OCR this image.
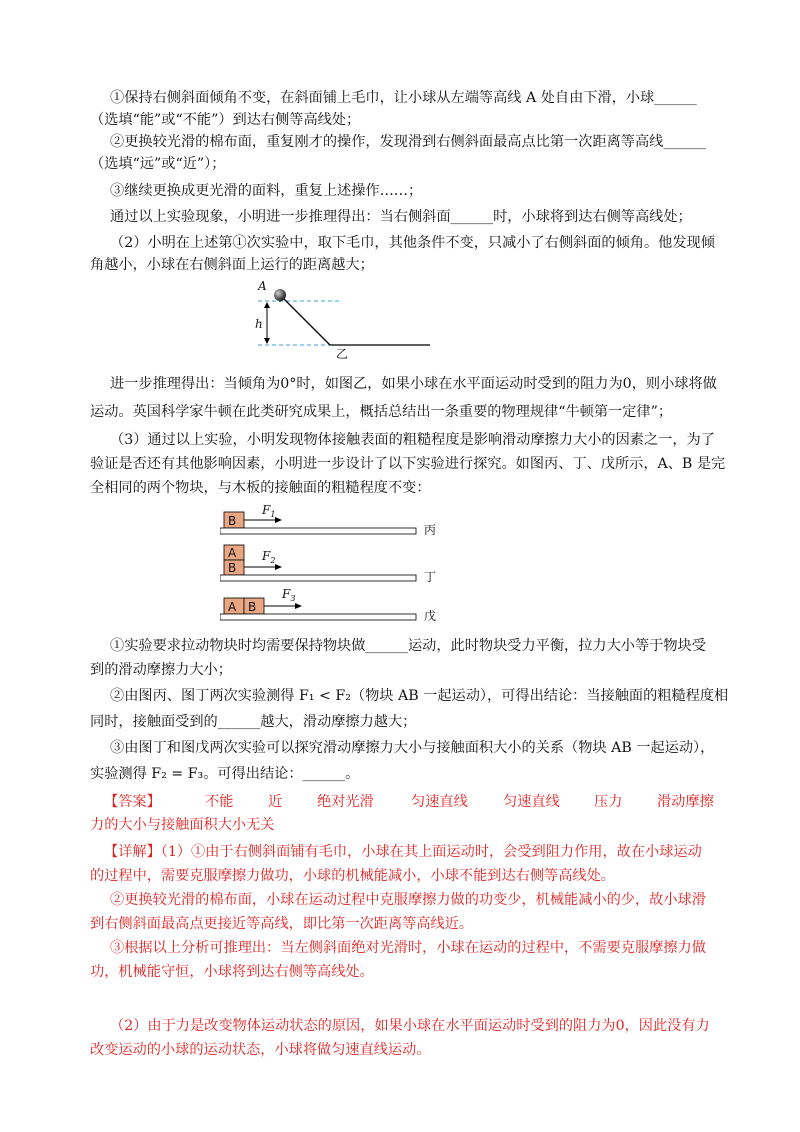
①保持右侧斜面倾角不变，在斜面铺上毛巾，让小球从左端等高线 A 处自由下滑，小球______
（选填“能”或“不能”）到达右侧等高线处；
②更换较光滑的棉布面，重复刚才的操作，发现滑到右侧斜面最高点比第一次距离等高线______
（选填“远”或“近”）；
③继续更换成更光滑的面料，重复上述操作……；
通过以上实验现象，小明进一步推理得出：当右侧斜面______时，小球将到达右侧等高线处；
（2）小明在上述第①次实验中，取下毛巾，其他条件不变，只减小了右侧斜面的倾角。他发现倾
角越小，小球在右侧斜面上运行的距离越大；
A
h
乙
进一步推理得出：当倾角为0°时，如图乙，如果小球在水平面运动时受到的阻力为0，则小球将做
运动。英国科学家牛顿在此类研究成果上，概括总结出一条重要的物理规律“牛顿第一定律”；
（3）通过以上实验，小明发现物体接触表面的粗糙程度是影响滑动摩擦力大小的因素之一，为了
验证是否还有其他影响因素，小明进一步设计了以下实验进行探究。如图丙、丁、戊所示，A、B 是完
全相同的两个物块，与木板的接触面的粗糙程度不变：
B
$F_1$
丙
A
B
$F_2$
丁
A B
$F_3$
戊
①实验要求拉动物块时均需要保持物块做______运动，此时物块受力平衡，拉力大小等于物块受
到的滑动摩擦力大小；
②由图丙、图丁两次实验测得 F₁ < F₂（物块 AB 一起运动），可得出结论：当接触面的粗糙程度相
同时，接触面受到的______越大，滑动摩擦力越大；
③由图丁和图戊两次实验可以探究滑动摩擦力大小与接触面积大小的关系（物块 AB 一起运动），
实验测得 F₂ = F₃。可得出结论：______。
【答案】	不能 近 绝对光滑	匀速直线 匀速直线 压力 滑动摩擦
力的大小与接触面积大小无关
【详解】（1）①由于右侧斜面铺有毛巾，小球在其上面运动时，会受到阻力作用，故在小球运动
的过程中，需要克服摩擦力做功，小球的机械能减小，小球不能到达右侧等高线处。
②更换较光滑的棉布面，小球在运动过程中克服摩擦力做的功变少，机械能减小的少，故小球滑
到右侧斜面最高点更接近等高线，即比第一次距离等高线近。
③根据以上分析可推理出：当左侧斜面绝对光滑时，小球在运动的过程中，不需要克服摩擦力做
功，机械能守恒，小球将到达右侧等高线处。
（2）由于力是改变物体运动状态的原因，如果小球在水平面运动时受到的阻力为0，因此没有力
改变运动的小球的运动状态，小球将做匀速直线运动。
